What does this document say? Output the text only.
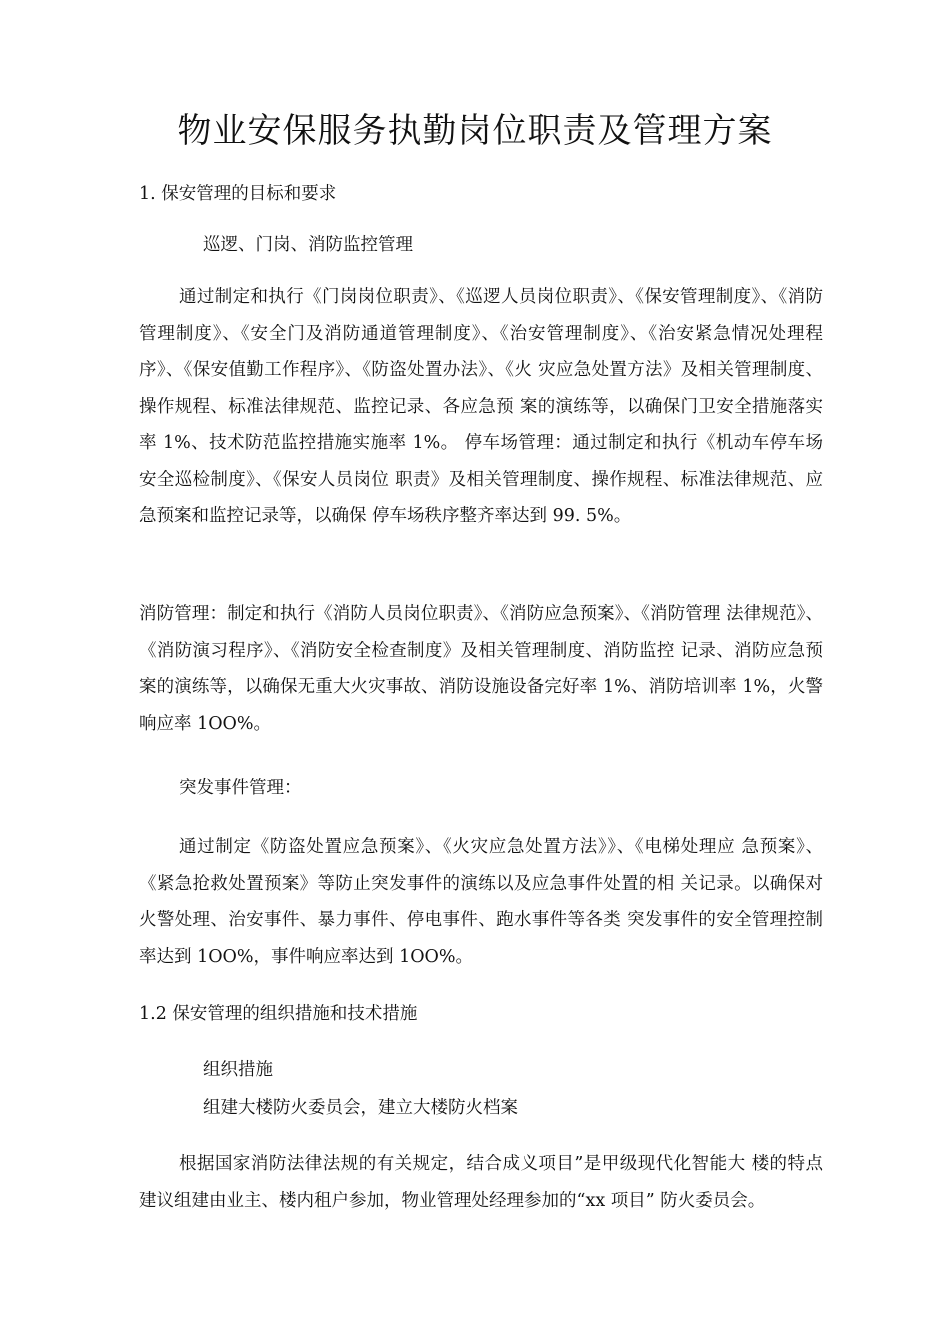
物业安保服务执勤岗位职责及管理方案

1. 保安管理的目标和要求

巡逻、门岗、消防监控管理

通过制定和执行《门岗岗位职责》、《巡逻人员岗位职责》、《保安管理制度》、《消防管理制度》、《安全门及消防通道管理制度》、《治安管理制度》、《治安紧急情况处理程序》、《保安值勤工作程序》、《防盗处置办法》、《火 灾应急处置方法》及相关管理制度、操作规程、标准法律规范、监控记录、各应急预 案的演练等，以确保门卫安全措施落实率 1%、技术防范监控措施实施率 1%。 停车场管理：通过制定和执行《机动车停车场安全巡检制度》、《保安人员岗位 职责》及相关管理制度、操作规程、标准法律规范、应急预案和监控记录等，以确保 停车场秩序整齐率达到 99. 5%。

消防管理：制定和执行《消防人员岗位职责》、《消防应急预案》、《消防管理 法律规范》、《消防演习程序》、《消防安全检查制度》及相关管理制度、消防监控 记录、消防应急预案的演练等，以确保无重大火灾事故、消防设施设备完好率 1%、消防培训率 1%，火警响应率 1OO%。

突发事件管理：

通过制定《防盗处置应急预案》、《火灾应急处置方法》》、《电梯处理应 急预案》、《紧急抢救处置预案》等防止突发事件的演练以及应急事件处置的相 关记录。以确保对火警处理、治安事件、暴力事件、停电事件、跑水事件等各类 突发事件的安全管理控制率达到 1OO%，事件响应率达到 1OO%。

1.2 保安管理的组织措施和技术措施

组织措施

组建大楼防火委员会，建立大楼防火档案

根据国家消防法律法规的有关规定，结合成义项目”是甲级现代化智能大 楼的特点建议组建由业主、楼内租户参加，物业管理处经理参加的“xx 项目” 防火委员会。
